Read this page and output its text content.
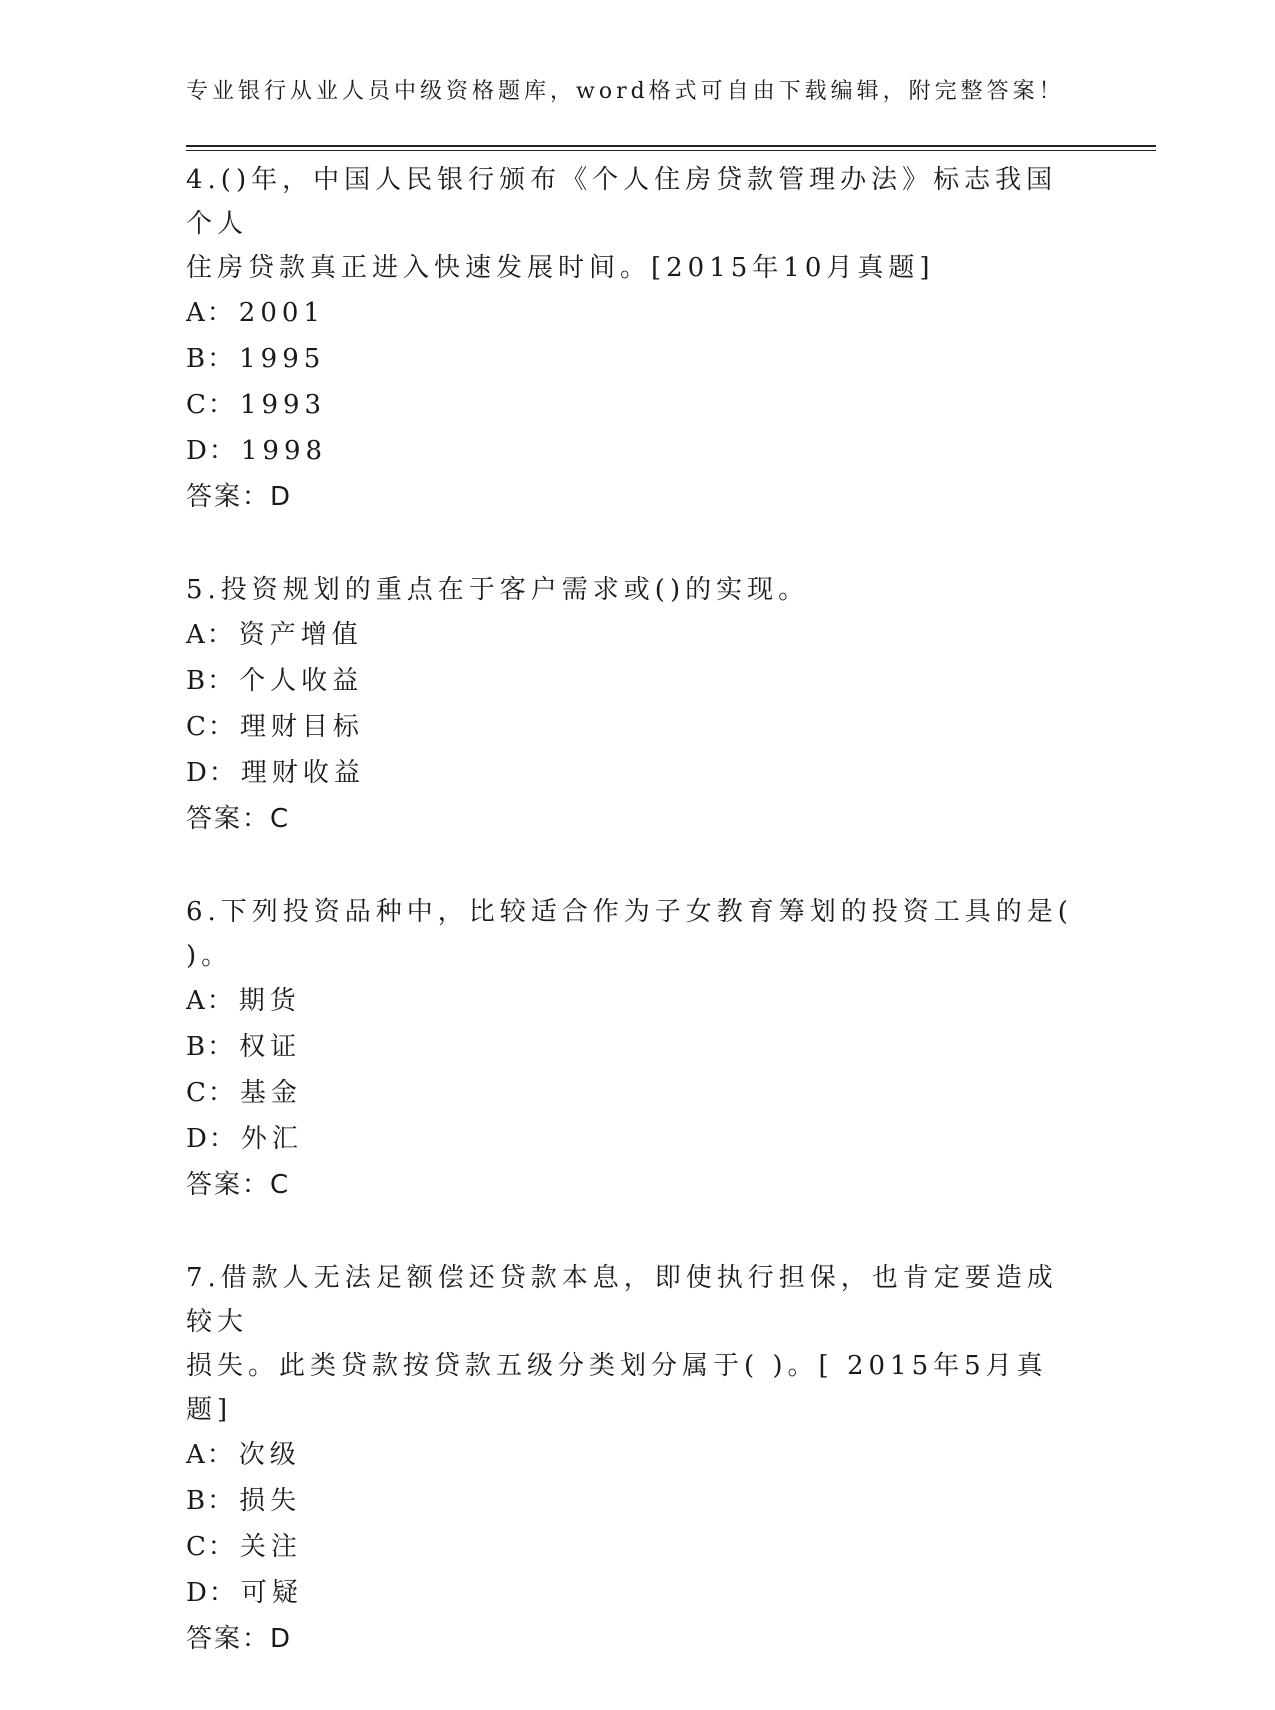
专业银行从业人员中级资格题库，word格式可自由下载编辑，附完整答案！
4.()年，中国人民银行颁布《个人住房贷款管理办法》标志我国个人
住房贷款真正进入快速发展时间。[2015年10月真题]
A： 2001
B： 1995
C： 1993
D： 1998
答案：D
5.投资规划的重点在于客户需求或()的实现。
A： 资产增值
B： 个人收益
C： 理财目标
D： 理财收益
答案：C
6.下列投资品种中，比较适合作为子女教育筹划的投资工具的是( )。
A： 期货
B： 权证
C： 基金
D： 外汇
答案：C
7.借款人无法足额偿还贷款本息，即使执行担保，也肯定要造成较大
损失。此类贷款按贷款五级分类划分属于( )。[ 2015年5月真题]
A： 次级
B： 损失
C： 关注
D： 可疑
答案：D
